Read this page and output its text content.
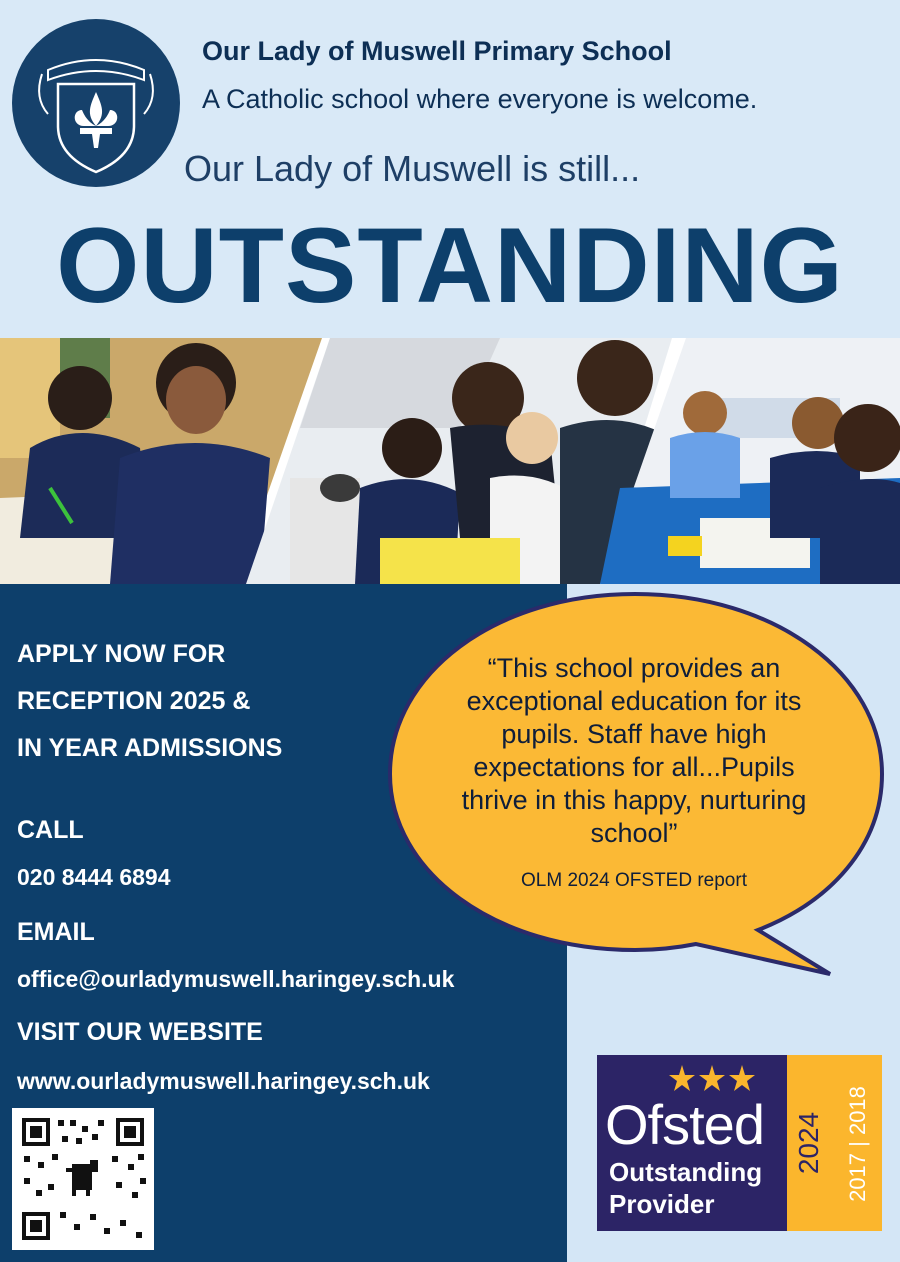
Our Lady of Muswell Primary School
A Catholic school where everyone is welcome.
Our Lady of Muswell is still...
OUTSTANDING
APPLY NOW FOR
RECEPTION 2025 &
IN YEAR ADMISSIONS
CALL
020 8444 6894
EMAIL
office@ourladymuswell.haringey.sch.uk
VISIT OUR WEBSITE
www.ourladymuswell.haringey.sch.uk
“This school provides an exceptional education for its pupils. Staff have high expectations for all...Pupils thrive in this happy, nurturing school”
OLM 2024 OFSTED report
Ofsted
Outstanding
Provider
2024 2017 | 2018
